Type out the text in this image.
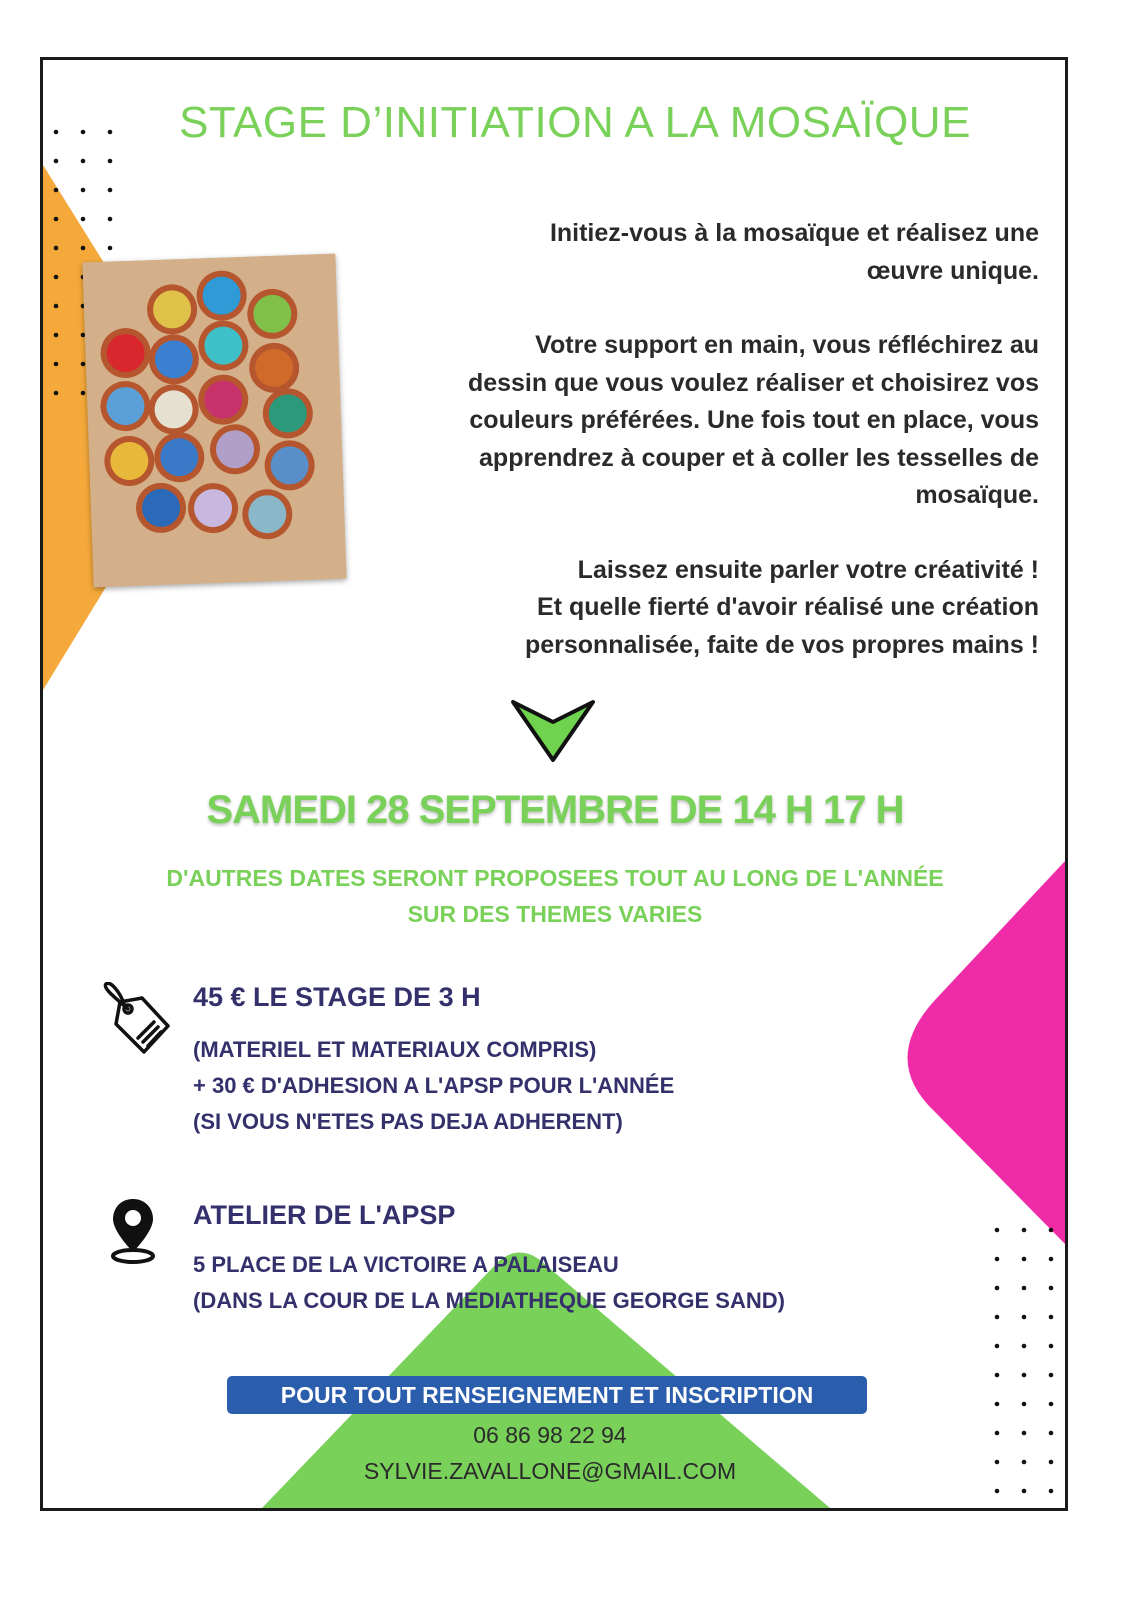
STAGE D’INITIATION A LA MOSAÏQUE

Initiez-vous à la mosaïque et réalisez une
œuvre unique.

Votre support en main, vous réfléchirez au
dessin que vous voulez réaliser et choisirez vos
couleurs préférées. Une fois tout en place, vous
apprendrez à couper et à coller les tesselles de
mosaïque.

Laissez ensuite parler votre créativité !
Et quelle fierté d'avoir réalisé une création
personnalisée, faite de vos propres mains !

SAMEDI 28 SEPTEMBRE DE 14 H 17 H
D'AUTRES DATES SERONT PROPOSEES TOUT AU LONG DE L'ANNÉE
SUR DES THEMES VARIES
45 € LE STAGE DE 3 H
(MATERIEL ET MATERIAUX COMPRIS)
+ 30 € D'ADHESION A L'APSP POUR L'ANNÉE
(SI VOUS N'ETES PAS DEJA ADHERENT)
ATELIER DE L'APSP
5 PLACE DE LA VICTOIRE A PALAISEAU
(DANS LA COUR DE LA MEDIATHEQUE GEORGE SAND)
POUR TOUT RENSEIGNEMENT ET INSCRIPTION
06 86 98 22 94
SYLVIE.ZAVALLONE@GMAIL.COM
